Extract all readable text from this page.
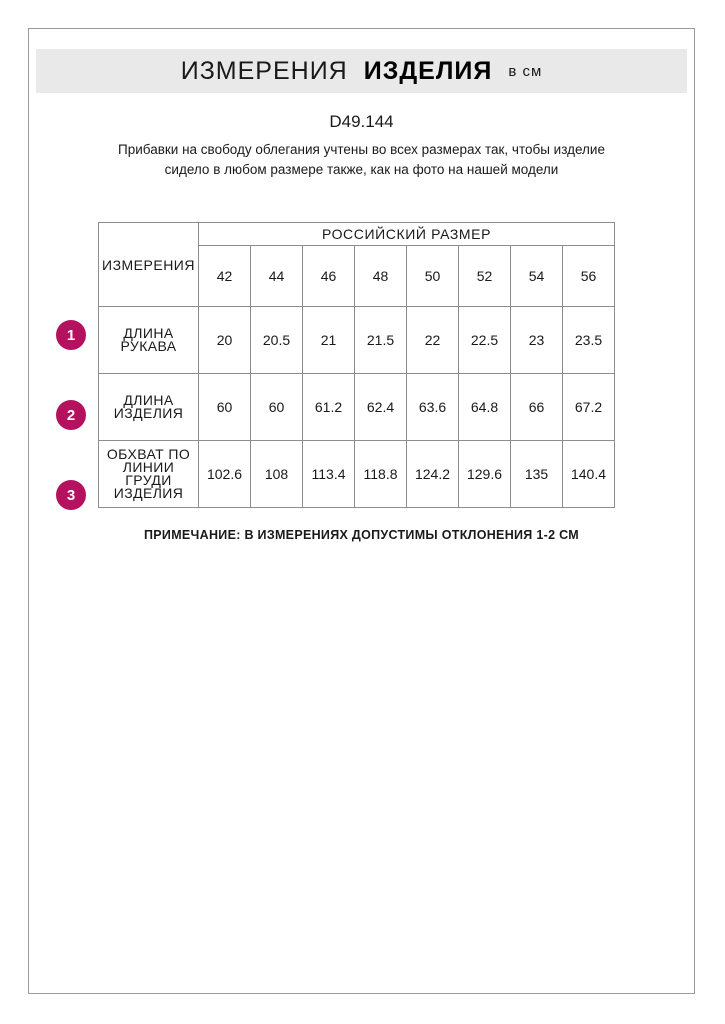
ИЗМЕРЕНИЯ ИЗДЕЛИЯ в см
D49.144
Прибавки на свободу облегания учтены во всех размерах так, чтобы изделие сидело в любом размере также, как на фото на нашей модели
1
2
3
ИЗМЕРЕНИЯ	РОССИЙСКИЙ РАЗМЕР							
	42	44	46	48	50	52	54	56
ДЛИНА РУКАВА	20	20.5	21	21.5	22	22.5	23	23.5
ДЛИНА ИЗДЕЛИЯ	60	60	61.2	62.4	63.6	64.8	66	67.2
ОБХВАТ ПО ЛИНИИ ГРУДИ ИЗДЕЛИЯ	102.6	108	113.4	118.8	124.2	129.6	135	140.4
ПРИМЕЧАНИЕ: В ИЗМЕРЕНИЯХ ДОПУСТИМЫ ОТКЛОНЕНИЯ 1-2 СМ
